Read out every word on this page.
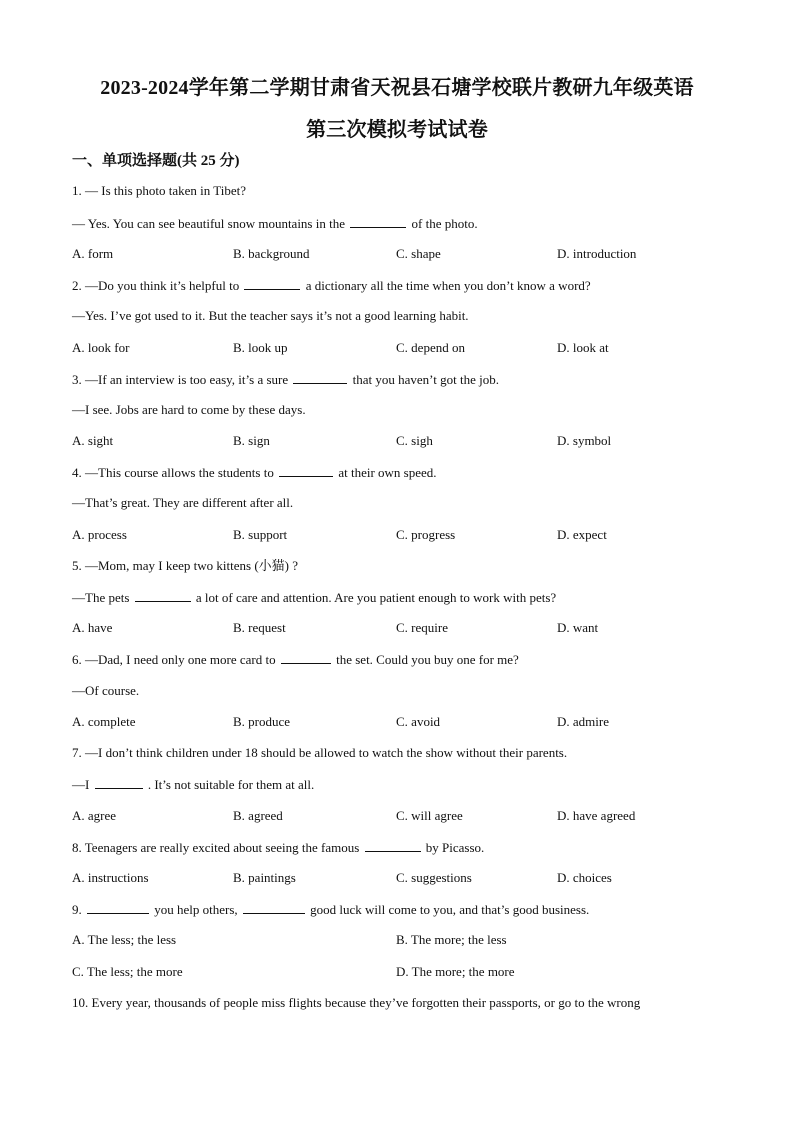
2023-2024学年第二学期甘肃省天祝县石塘学校联片教研九年级英语
第三次模拟考试试卷
一、单项选择题(共 25 分)
1. — Is this photo taken in Tibet?
— Yes. You can see beautiful snow mountains in the	of the photo.
A. form	B. background	C. shape	D. introduction
2. —Do you think it’s helpful to	a dictionary all the time when you don’t know a word?
—Yes. I’ve got used to it. But the teacher says it’s not a good learning habit.
A. look for	B. look up	C. depend on	D. look at
3. —If an interview is too easy, it’s a sure	that you haven’t got the job.
—I see. Jobs are hard to come by these days.
A. sight	B. sign	C. sigh	D. symbol
4. —This course allows the students to	at their own speed.
—That’s great. They are different after all.
A. process	B. support	C. progress	D. expect
5. —Mom, may I keep two kittens (小猫) ?
—The pets	a lot of care and attention. Are you patient enough to work with pets?
A. have	B. request	C. require	D. want
6. —Dad, I need only one more card to	the set. Could you buy one for me?
—Of course.
A. complete	B. produce	C. avoid	D. admire
7. —I don’t think children under 18 should be allowed to watch the show without their parents.
—I	. It’s not suitable for them at all.
A. agree	B. agreed	C. will agree	D. have agreed
8. Teenagers are really excited about seeing the famous	by Picasso.
A. instructions	B. paintings	C. suggestions	D. choices
9.	you help others,	good luck will come to you, and that’s good business.
A. The less; the less	B. The more; the less
C. The less; the more	D. The more; the more
10. Every year, thousands of people miss flights because they’ve forgotten their passports, or go to the wrong
